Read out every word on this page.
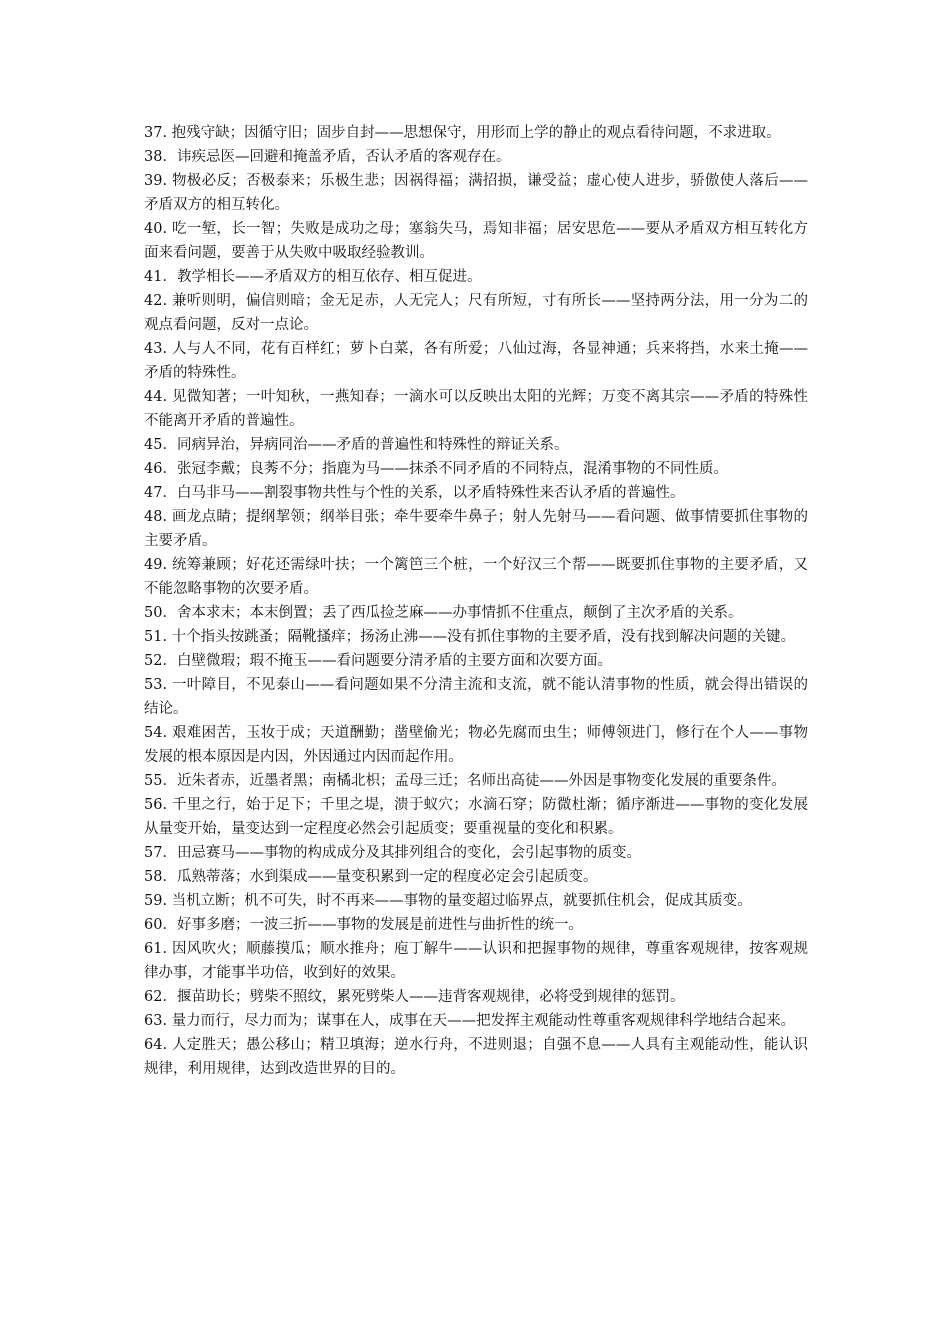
37. 抱残守缺；因循守旧；固步自封——思想保守，用形而上学的静止的观点看待问题，不求进取。

38．讳疾忌医—回避和掩盖矛盾，否认矛盾的客观存在。

39. 物极必反；否极泰来；乐极生悲；因祸得福；满招损，谦受益；虚心使人进步，骄傲使人落后——矛盾双方的相互转化。

40. 吃一堑，长一智；失败是成功之母；塞翁失马，焉知非福；居安思危——要从矛盾双方相互转化方面来看问题，要善于从失败中吸取经验教训。

41．教学相长——矛盾双方的相互依存、相互促进。

42. 兼听则明，偏信则暗；金无足赤，人无完人；尺有所短，寸有所长——坚持两分法，用一分为二的观点看问题，反对一点论。

43. 人与人不同，花有百样红；萝卜白菜，各有所爱；八仙过海，各显神通；兵来将挡，水来土掩——矛盾的特殊性。

44. 见微知著；一叶知秋，一燕知春；一滴水可以反映出太阳的光辉；万变不离其宗——矛盾的特殊性不能离开矛盾的普遍性。

45．同病异治，异病同治——矛盾的普遍性和特殊性的辩证关系。

46．张冠李戴；良莠不分；指鹿为马——抹杀不同矛盾的不同特点，混淆事物的不同性质。

47．白马非马——割裂事物共性与个性的关系，以矛盾特殊性来否认矛盾的普遍性。

48. 画龙点睛；提纲挈领；纲举目张；牵牛要牵牛鼻子；射人先射马——看问题、做事情要抓住事物的主要矛盾。

49. 统筹兼顾；好花还需绿叶扶；一个篱笆三个桩，一个好汉三个帮——既要抓住事物的主要矛盾，又不能忽略事物的次要矛盾。

50．舍本求末；本末倒置；丢了西瓜捡芝麻——办事情抓不住重点，颠倒了主次矛盾的关系。

51. 十个指头按跳蚤；隔靴搔痒；扬汤止沸——没有抓住事物的主要矛盾，没有找到解决问题的关键。

52．白壁微瑕；瑕不掩玉——看问题要分清矛盾的主要方面和次要方面。

53. 一叶障目，不见泰山——看问题如果不分清主流和支流，就不能认清事物的性质，就会得出错误的结论。

54. 艰难困苦，玉妆于成；天道酬勤；凿壁偷光；物必先腐而虫生；师傅领进门，修行在个人——事物发展的根本原因是内因，外因通过内因而起作用。

55．近朱者赤，近墨者黑；南橘北枳；孟母三迁；名师出高徒——外因是事物变化发展的重要条件。

56. 千里之行，始于足下；千里之堤，溃于蚁穴；水滴石穿；防微杜渐；循序渐进——事物的变化发展从量变开始，量变达到一定程度必然会引起质变；要重视量的变化和积累。

57．田忌赛马——事物的构成成分及其排列组合的变化，会引起事物的质变。

58．瓜熟蒂落；水到渠成——量变积累到一定的程度必定会引起质变。

59. 当机立断；机不可失，时不再来——事物的量变超过临界点，就要抓住机会，促成其质变。

60．好事多磨；一波三折——事物的发展是前进性与曲折性的统一。

61. 因风吹火；顺藤摸瓜；顺水推舟；庖丁解牛——认识和把握事物的规律，尊重客观规律，按客观规律办事，才能事半功倍，收到好的效果。

62．揠苗助长；劈柴不照纹，累死劈柴人——违背客观规律，必将受到规律的惩罚。

63. 量力而行，尽力而为；谋事在人，成事在天——把发挥主观能动性尊重客观规律科学地结合起来。

64. 人定胜天；愚公移山；精卫填海；逆水行舟，不进则退；自强不息——人具有主观能动性，能认识规律，利用规律，达到改造世界的目的。
